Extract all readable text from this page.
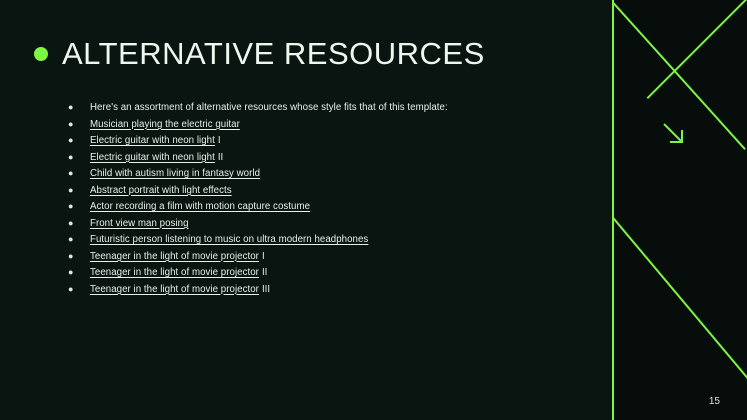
ALTERNATIVE RESOURCES
●	Here's an assortment of alternative resources whose style fits that of this template:
●	Musician playing the electric guitar
●	Electric guitar with neon light I
●	Electric guitar with neon light II
●	Child with autism living in fantasy world
●	Abstract portrait with light effects
●	Actor recording a film with motion capture costume
●	Front view man posing
●	Futuristic person listening to music on ultra modern headphones
●	Teenager in the light of movie projector I
●	Teenager in the light of movie projector II
●	Teenager in the light of movie projector III
15
